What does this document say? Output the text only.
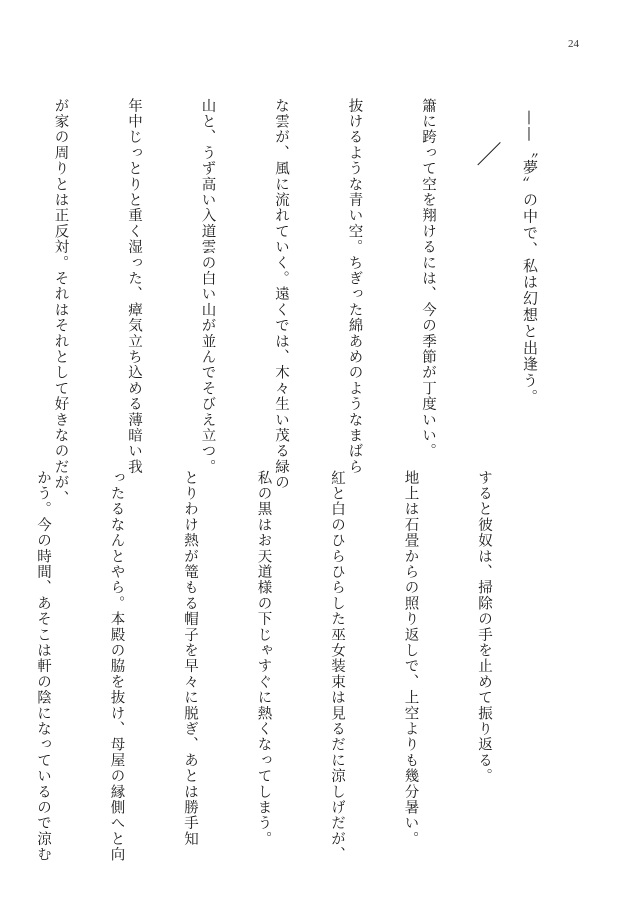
24
——〝夢〟の中で、私は幻想と出逢う。

簫に跨って空を翔けるには、今の季節が丁度いい。

抜けるような青い空。ちぎった綿あめのようなまばら

な雲が、風に流れていく。遠くでは、木々生い茂る緑の

山と、うず高い入道雲の白い山が並んでそびえ立つ。

年中じっとりと重く湿った、瘴気立ち込める薄暗い我

が家の周りとは正反対。それはそれとして好きなのだが、

すると彼奴は、掃除の手を止めて振り返る。

地上は石畳からの照り返しで、上空よりも幾分暑い。

紅と白のひらひらした巫女装束は見るだに涼しげだが、

私の黒はお天道様の下じゃすぐに熱くなってしまう。

とりわけ熱が篭もる帽子を早々に脱ぎ、あとは勝手知

ったるなんとやら。本殿の脇を抜け、母屋の縁側へと向

かう。今の時間、あそこは軒の陰になっているので涼む
